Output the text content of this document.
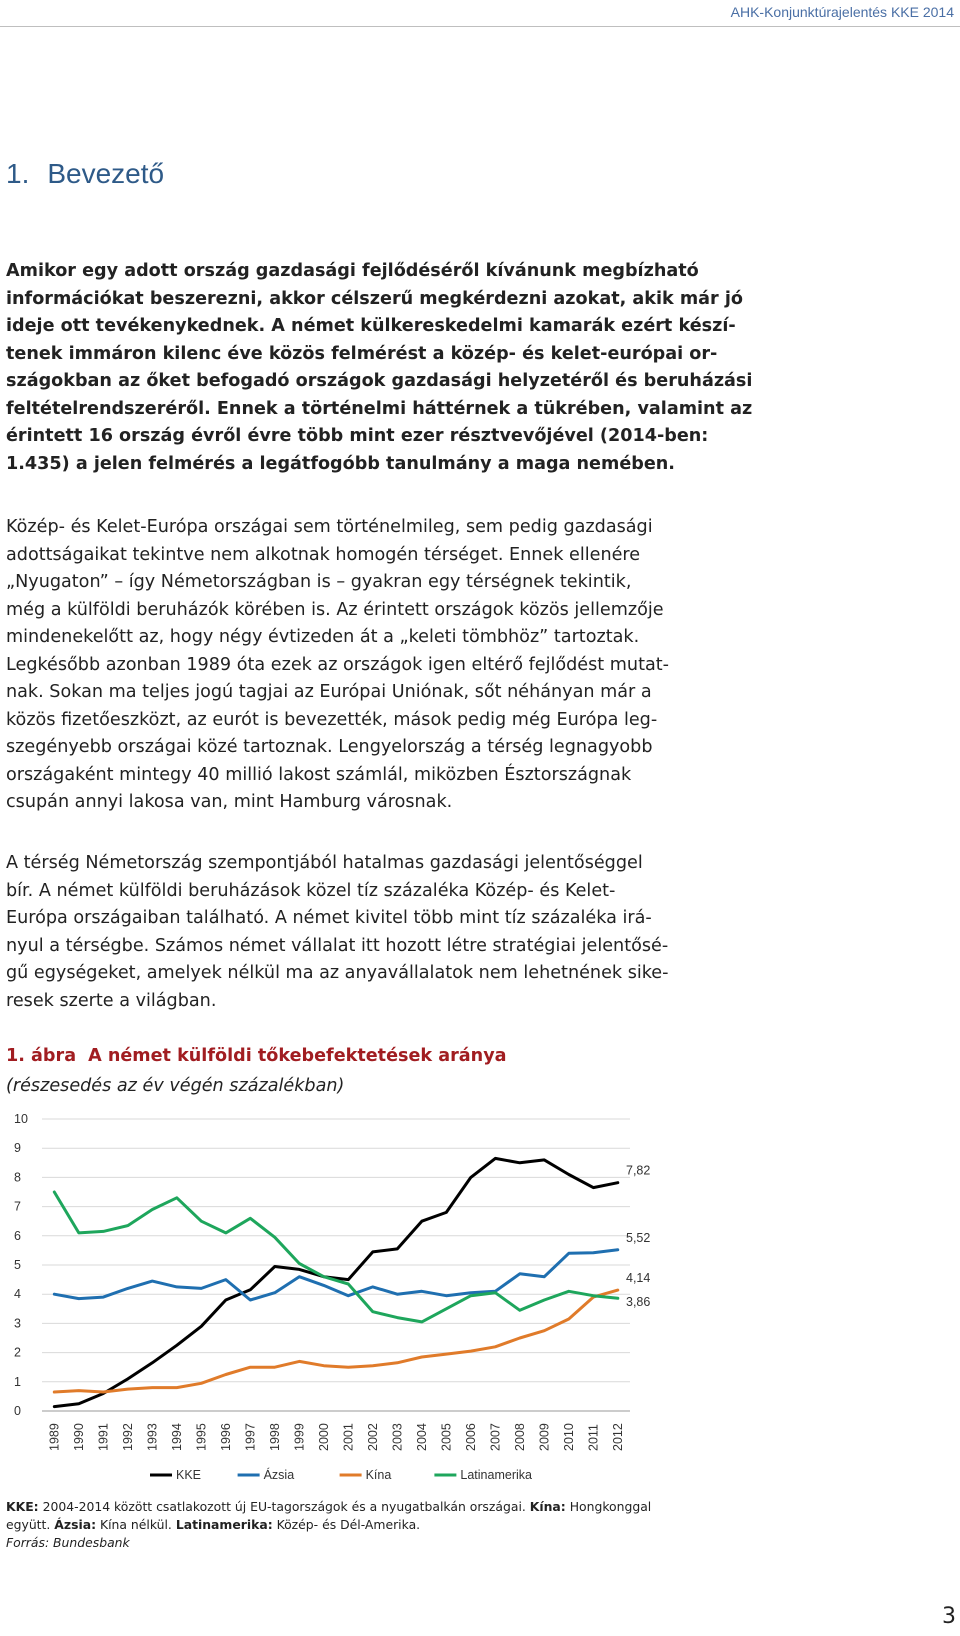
AHK-Konjunktúrajelentés KKE 2014
1. Bevezető
Amikor egy adott ország gazdasági fejlődéséről kívánunk megbízható
információkat beszerezni, akkor célszerű megkérdezni azokat, akik már jó
ideje ott tevékenykednek. A német külkereskedelmi kamarák ezért készí-
tenek immáron kilenc éve közös felmérést a közép- és kelet-európai or-
szágokban az őket befogadó országok gazdasági helyzetéről és beruházási
feltételrendszeréről. Ennek a történelmi háttérnek a tükrében, valamint az
érintett 16 ország évről évre több mint ezer résztvevőjével (2014-ben:
1.435) a jelen felmérés a legátfogóbb tanulmány a maga nemében.
Közép- és Kelet-Európa országai sem történelmileg, sem pedig gazdasági
adottságaikat tekintve nem alkotnak homogén térséget. Ennek ellenére
„Nyugaton” – így Németországban is – gyakran egy térségnek tekintik,
még a külföldi beruházók körében is. Az érintett országok közös jellemzője
mindenekelőtt az, hogy négy évtizeden át a „keleti tömbhöz” tartoztak.
Legkésőbb azonban 1989 óta ezek az országok igen eltérő fejlődést mutat-
nak. Sokan ma teljes jogú tagjai az Európai Uniónak, sőt néhányan már a
közös fizetőeszközt, az eurót is bevezették, mások pedig még Európa leg-
szegényebb országai közé tartoznak. Lengyelország a térség legnagyobb
országaként mintegy 40 millió lakost számlál, miközben Észtországnak
csupán annyi lakosa van, mint Hamburg városnak.
A térség Németország szempontjából hatalmas gazdasági jelentőséggel
bír. A német külföldi beruházások közel tíz százaléka Közép- és Kelet-
Európa országaiban található. A német kivitel több mint tíz százaléka irá-
nyul a térségbe. Számos német vállalat itt hozott létre stratégiai jelentősé-
gű egységeket, amelyek nélkül ma az anyavállalatok nem lehetnének sike-
resek szerte a világban.
1. ábra A német külföldi tőkebefektetések aránya
(részesedés az év végén százalékban)
0
1
2
3
4
5
6
7
8
9
10
1989 1990 1991 1992 1993 1994 1995 1996 1997 1998 1999 2000 2001 2002 2003 2004 2005 2006 2007 2008 2009 2010 2011 2012
7,82
5,52
4,14
3,86
KKE	Ázsia	Kína	Latinamerika
KKE: 2004-2014 között csatlakozott új EU-tagországok és a nyugatbalkán országai. Kína: Hongkonggal együtt. Ázsia: Kína nélkül. Latinamerika: Közép- és Dél-Amerika.
Forrás: Bundesbank
3
